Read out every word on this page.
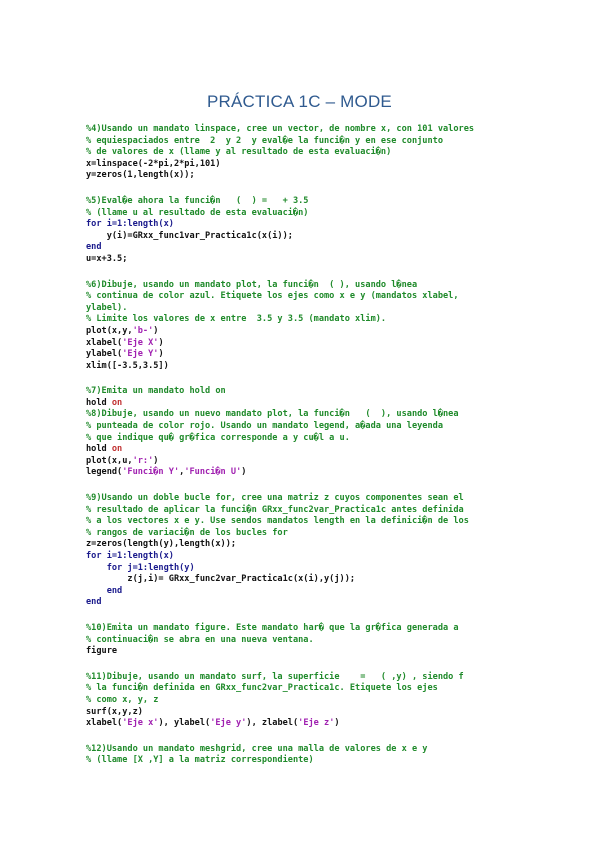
PRÁCTICA 1C – MODE
%4)Usando un mandato linspace, cree un vector, de nombre x, con 101 valores
% equiespaciados entre  2  y 2  y eval�e la funci�n y en ese conjunto
% de valores de x (llame y al resultado de esta evaluaci�n)
x=linspace(-2*pi,2*pi,101)
y=zeros(1,length(x));
%5)Eval�e ahora la funci�n   (  ) =   + 3.5
% (llame u al resultado de esta evaluaci�n)
for i=1:length(x)
y(i)=GRxx_func1var_Practica1c(x(i));
end
u=x+3.5;
%6)Dibuje, usando un mandato plot, la funci�n  ( ), usando l�nea
% continua de color azul. Etiquete los ejes como x e y (mandatos xlabel,
ylabel).
% Limite los valores de x entre  3.5 y 3.5 (mandato xlim).
plot(x,y,'b-')
xlabel('Eje X')
ylabel('Eje Y')
xlim([-3.5,3.5])
%7)Emita un mandato hold on
hold on
%8)Dibuje, usando un nuevo mandato plot, la funci�n   (  ), usando l�nea
% punteada de color rojo. Usando un mandato legend, a�ada una leyenda
% que indique qu� gr�fica corresponde a y cu�l a u.
hold on
plot(x,u,'r:')
legend('Funci�n Y','Funci�n U')
%9)Usando un doble bucle for, cree una matriz z cuyos componentes sean el
% resultado de aplicar la funci�n GRxx_func2var_Practica1c antes definida
% a los vectores x e y. Use sendos mandatos length en la definici�n de los
% rangos de variaci�n de los bucles for
z=zeros(length(y),length(x));
for i=1:length(x)
for j=1:length(y)
z(j,i)= GRxx_func2var_Practica1c(x(i),y(j));
end
end
%10)Emita un mandato figure. Este mandato har� que la gr�fica generada a
% continuaci�n se abra en una nueva ventana.
figure
%11)Dibuje, usando un mandato surf, la superficie    =   ( ,y) , siendo f
% la funci�n definida en GRxx_func2var_Practica1c. Etiquete los ejes
% como x, y, z
surf(x,y,z)
xlabel('Eje x'), ylabel('Eje y'), zlabel('Eje z')
%12)Usando un mandato meshgrid, cree una malla de valores de x e y
% (llame [X ,Y] a la matriz correspondiente)
